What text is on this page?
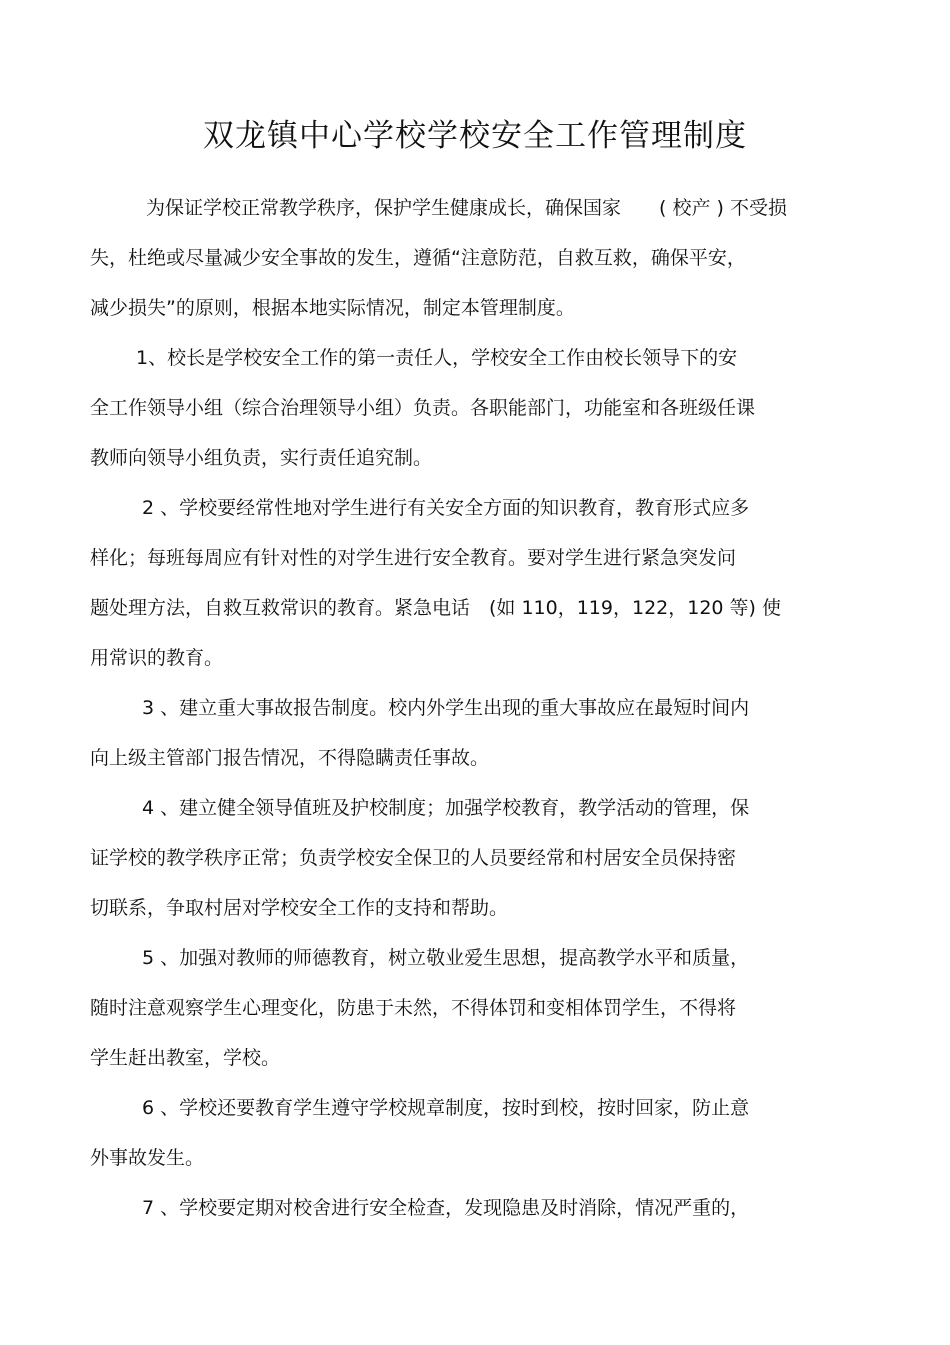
双龙镇中心学校学校安全工作管理制度
为保证学校正常教学秩序，保护学生健康成长，确保国家　　( 校产 ) 不受损
失，杜绝或尽量减少安全事故的发生，遵循“注意防范，自救互救，确保平安，
减少损失”的原则，根据本地实际情况，制定本管理制度。
1、校长是学校安全工作的第一责任人，学校安全工作由校长领导下的安
全工作领导小组（综合治理领导小组）负责。各职能部门，功能室和各班级任课
教师向领导小组负责，实行责任追究制。
2 、学校要经常性地对学生进行有关安全方面的知识教育，教育形式应多
样化；每班每周应有针对性的对学生进行安全教育。要对学生进行紧急突发问
题处理方法，自救互救常识的教育。紧急电话　(如 110，119，122，120 等) 使
用常识的教育。
3 、建立重大事故报告制度。校内外学生出现的重大事故应在最短时间内
向上级主管部门报告情况，不得隐瞒责任事故。
4 、建立健全领导值班及护校制度；加强学校教育，教学活动的管理，保
证学校的教学秩序正常；负责学校安全保卫的人员要经常和村居安全员保持密
切联系，争取村居对学校安全工作的支持和帮助。
5 、加强对教师的师德教育，树立敬业爱生思想，提高教学水平和质量，
随时注意观察学生心理变化，防患于未然，不得体罚和变相体罚学生，不得将
学生赶出教室，学校。
6 、学校还要教育学生遵守学校规章制度，按时到校，按时回家，防止意
外事故发生。
7 、学校要定期对校舍进行安全检查，发现隐患及时消除，情况严重的，
